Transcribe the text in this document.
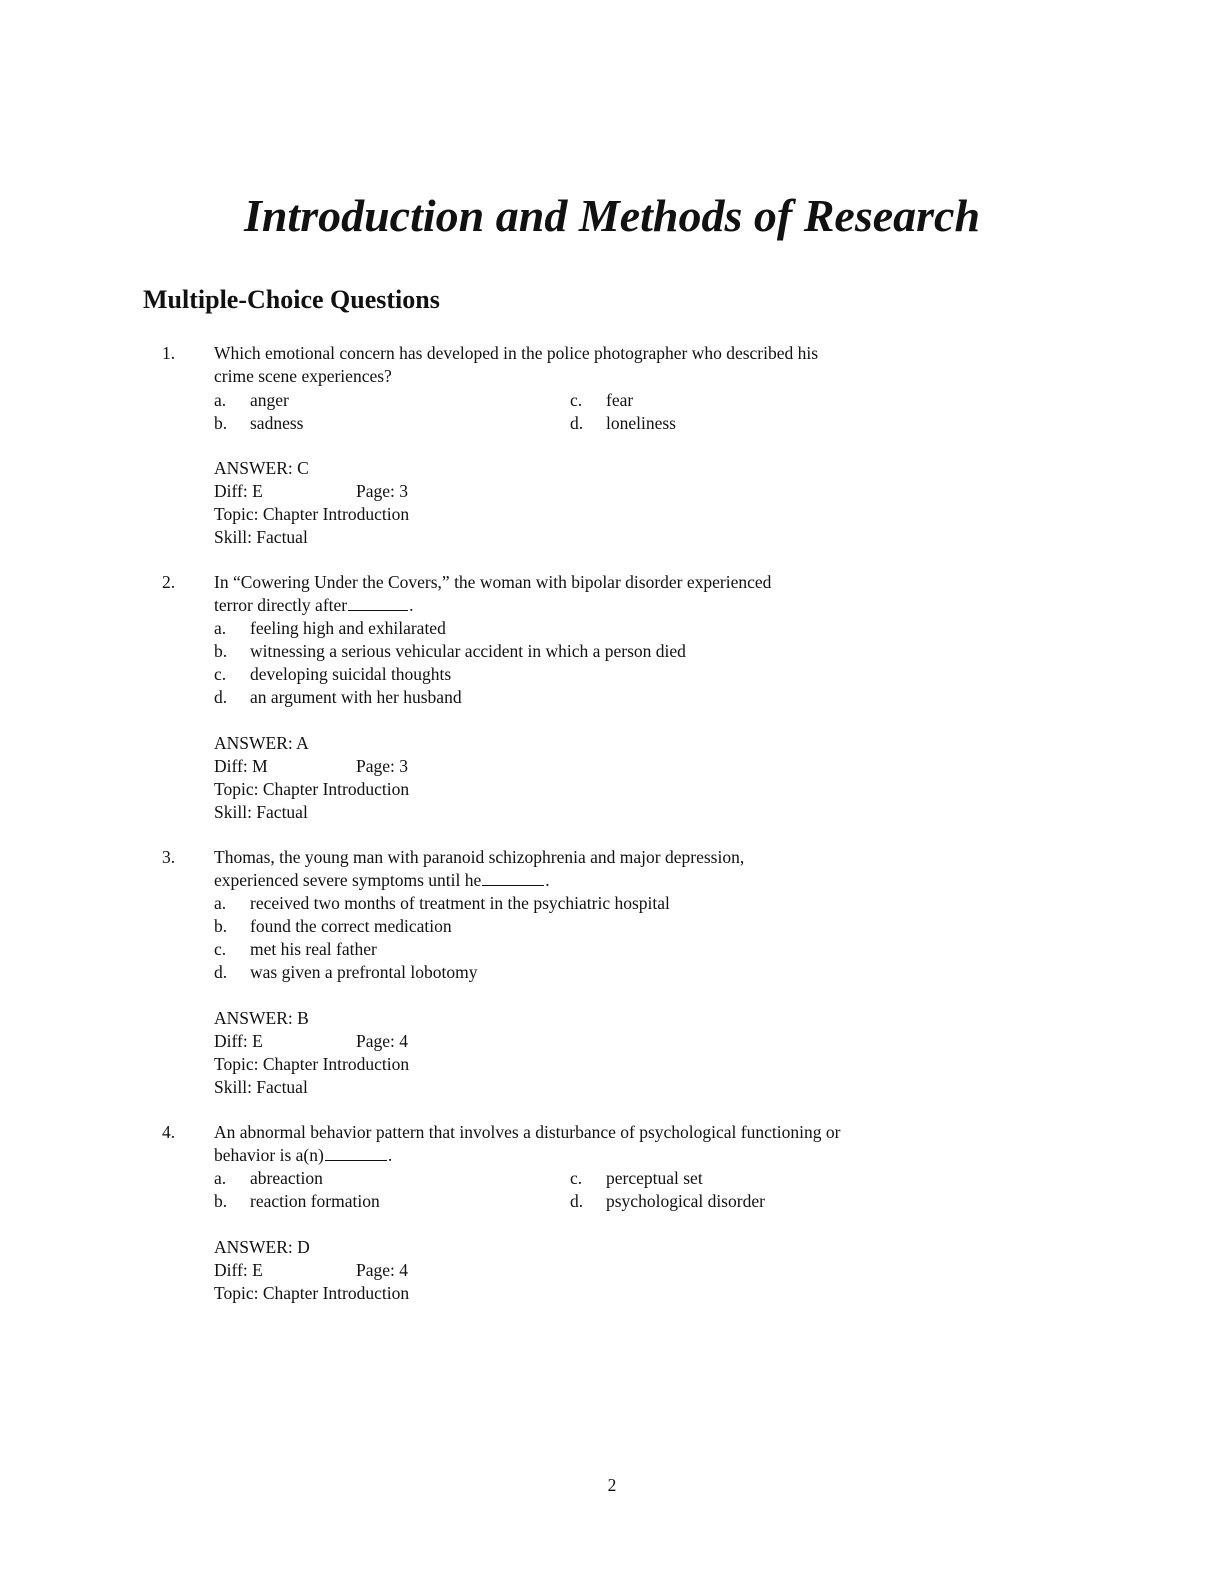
Introduction and Methods of Research
Multiple-Choice Questions
1. Which emotional concern has developed in the police photographer who described his
crime scene experiences?
a. anger
b. sadness
c. fear
d. loneliness
ANSWER: C
Diff: E	Page: 3
Topic: Chapter Introduction
Skill: Factual
2. In “Cowering Under the Covers,” the woman with bipolar disorder experienced
terror directly after	.
a. feeling high and exhilarated
b. witnessing a serious vehicular accident in which a person died
c. developing suicidal thoughts
d. an argument with her husband
ANSWER: A
Diff: M	Page: 3
Topic: Chapter Introduction
Skill: Factual
3. Thomas, the young man with paranoid schizophrenia and major depression,
experienced severe symptoms until he	.
a. received two months of treatment in the psychiatric hospital
b. found the correct medication
c. met his real father
d. was given a prefrontal lobotomy
ANSWER: B
Diff: E	Page: 4
Topic: Chapter Introduction
Skill: Factual
4. An abnormal behavior pattern that involves a disturbance of psychological functioning or
behavior is a(n)	.
a. abreaction
b. reaction formation
c. perceptual set
d. psychological disorder
ANSWER: D
Diff: E	Page: 4
Topic: Chapter Introduction
2
